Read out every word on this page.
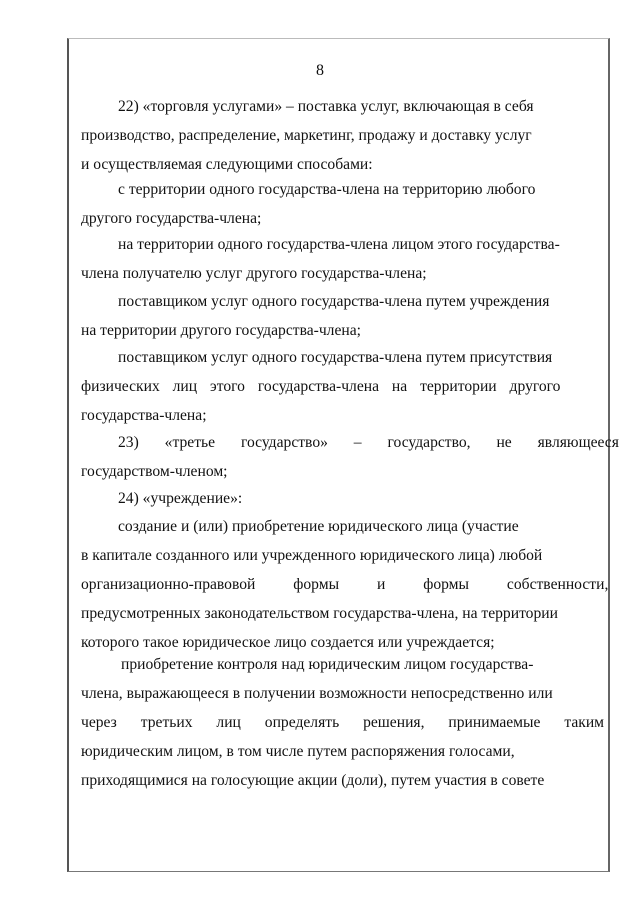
8
22) «торговля услугами» – поставка услуг, включающая в себя
производство, распределение, маркетинг, продажу и доставку услуг
и осуществляемая следующими способами:
с территории одного государства-члена на территорию любого
другого государства-члена;
на территории одного государства-члена лицом этого государства-
члена получателю услуг другого государства-члена;
поставщиком услуг одного государства-члена путем учреждения
на территории другого государства-члена;
поставщиком услуг одного государства-члена путем присутствия
физических лиц этого государства-члена на территории другого
государства-члена;
23) «третье государство» – государство, не являющееся
государством-членом;
24) «учреждение»:
создание и (или) приобретение юридического лица (участие
в капитале созданного или учрежденного юридического лица) любой
организационно-правовой формы и формы собственности,
предусмотренных законодательством государства-члена, на территории
которого такое юридическое лицо создается или учреждается;
приобретение контроля над юридическим лицом государства-
члена, выражающееся в получении возможности непосредственно или
через третьих лиц определять решения, принимаемые таким
юридическим лицом, в том числе путем распоряжения голосами,
приходящимися на голосующие акции (доли), путем участия в совете
